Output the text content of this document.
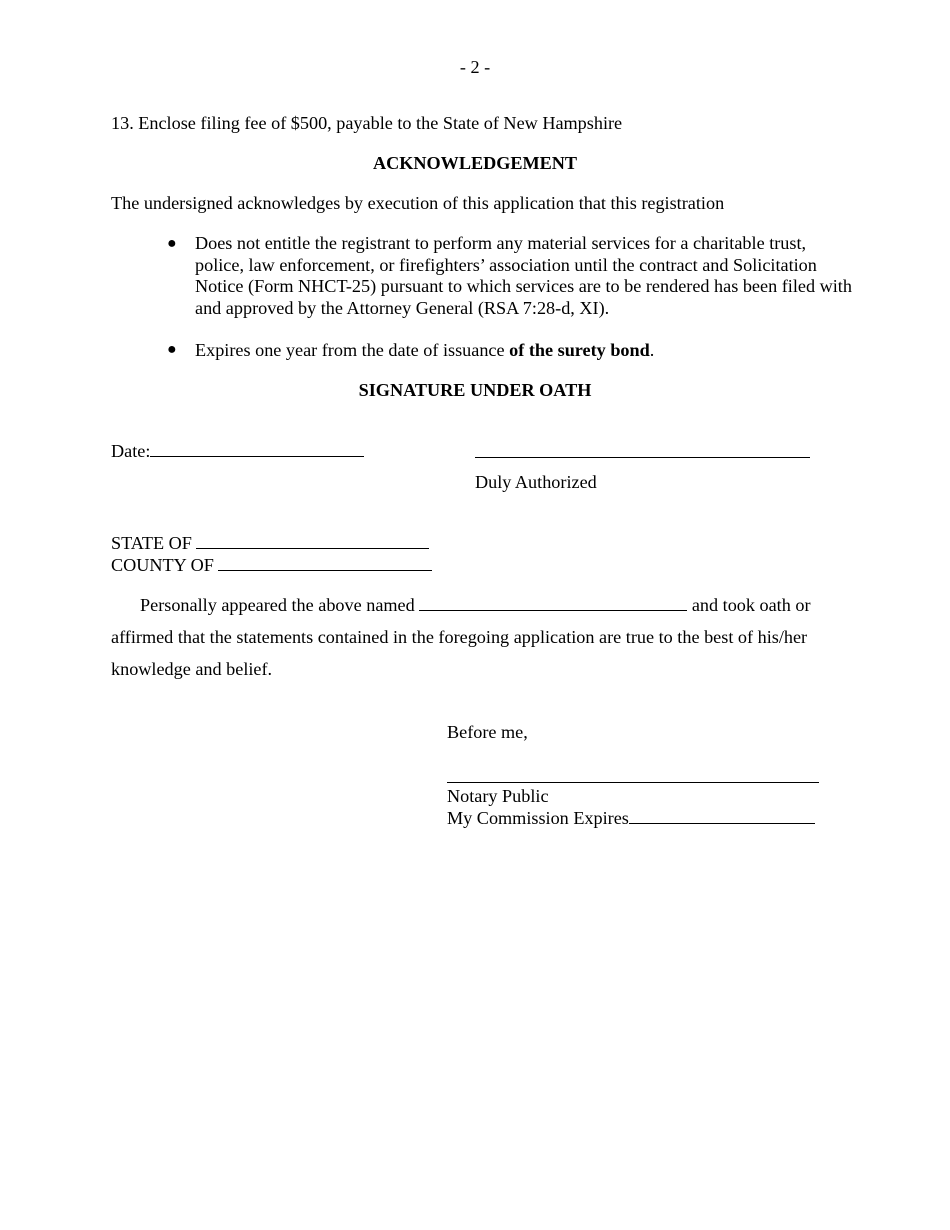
- 2 -
13. Enclose filing fee of $500, payable to the State of New Hampshire
ACKNOWLEDGEMENT
The undersigned acknowledges by execution of this application that this registration
● Does not entitle the registrant to perform any material services for a charitable trust, police, law enforcement, or firefighters’ association until the contract and Solicitation Notice (Form NHCT-25) pursuant to which services are to be rendered has been filed with and approved by the Attorney General (RSA 7:28-d, XI).
● Expires one year from the date of issuance of the surety bond.
SIGNATURE UNDER OATH
Date:
Duly Authorized
STATE OF
COUNTY OF

Personally appeared the above named	and took oath or affirmed that the statements contained in the foregoing application are true to the best of his/her knowledge and belief.

Before me,
Notary Public
My Commission Expires
